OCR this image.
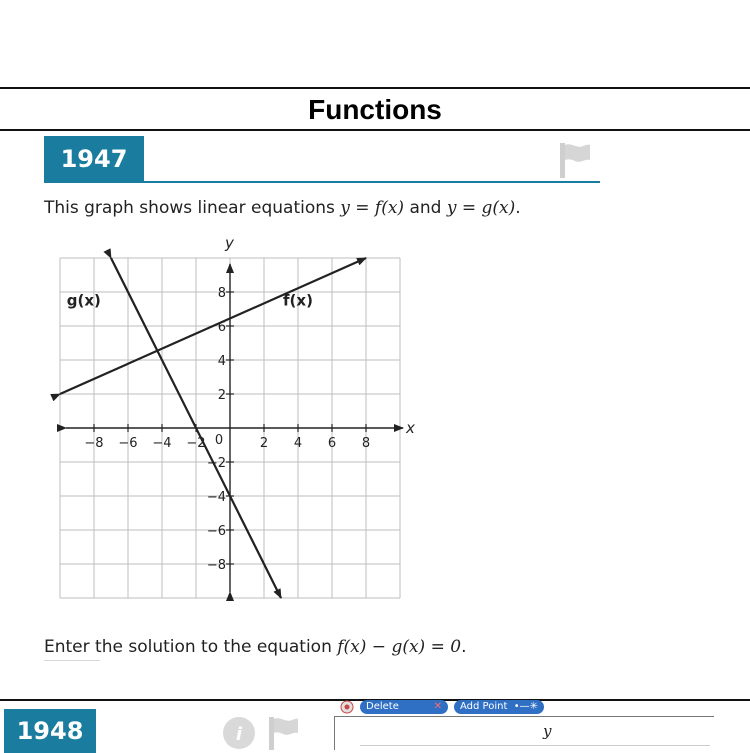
Functions
1947
This graph shows linear equations y = f(x) and y = g(x).
x
y
−8 −6 −4 −2	2 4 6 8
−8
−6
−4
−2
2
4
6
8
0
f(x)
g(x)
Enter the solution to the equation f(x) − g(x) = 0.
1948	i
Delete	✕	Add Point •—✳
y
